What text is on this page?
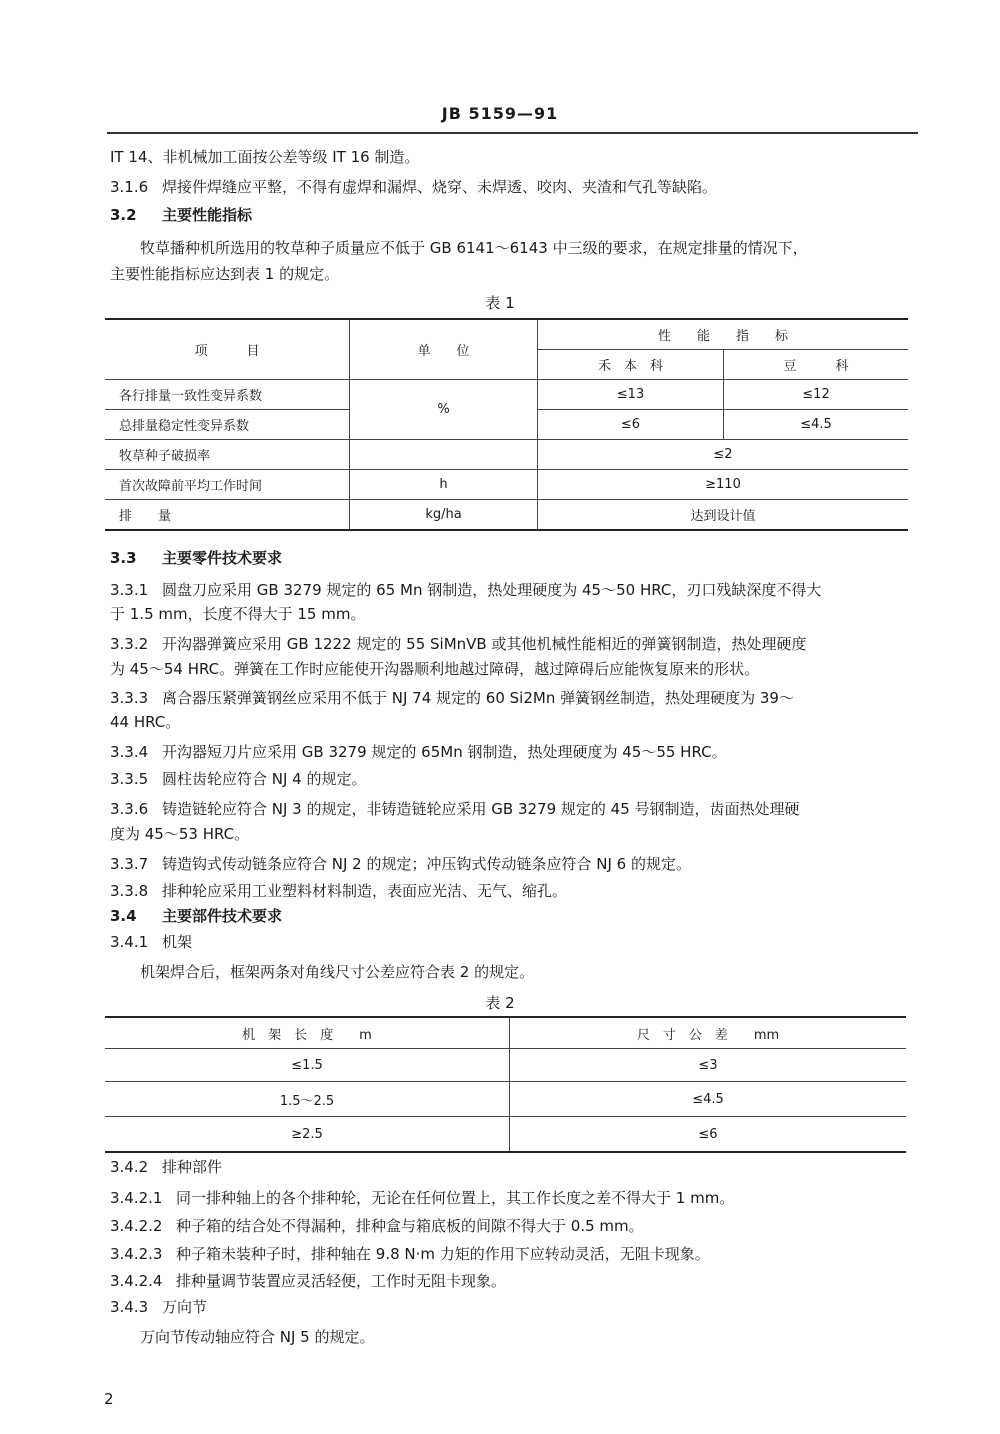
JB 5159—91
IT 14、非机械加工面按公差等级 IT 16 制造。
3.1.6 焊接件焊缝应平整，不得有虚焊和漏焊、烧穿、未焊透、咬肉、夹渣和气孔等缺陷。
3.2 主要性能指标
牧草播种机所选用的牧草种子质量应不低于 GB 6141～6143 中三级的要求，在规定排量的情况下，
主要性能指标应达到表 1 的规定。
表 1
项　　　目	单　　位	性　　能　　指　　标	
		禾　本　科	豆　　　科
各行排量一致性变异系数	%	≤13	≤12
总排量稳定性变异系数		≤6	≤4.5
牧草种子破损率		≤2	
首次故障前平均工作时间	h	≥110	
排　　量	kg/ha	达到设计值	
3.3 主要零件技术要求
3.3.1 圆盘刀应采用 GB 3279 规定的 65 Mn 钢制造，热处理硬度为 45～50 HRC，刃口残缺深度不得大
于 1.5 mm，长度不得大于 15 mm。
3.3.2 开沟器弹簧应采用 GB 1222 规定的 55 SiMnVB 或其他机械性能相近的弹簧钢制造，热处理硬度
为 45～54 HRC。弹簧在工作时应能使开沟器顺利地越过障碍，越过障碍后应能恢复原来的形状。
3.3.3 离合器压紧弹簧钢丝应采用不低于 NJ 74 规定的 60 Si2Mn 弹簧钢丝制造，热处理硬度为 39～
44 HRC。
3.3.4 开沟器短刀片应采用 GB 3279 规定的 65Mn 钢制造，热处理硬度为 45～55 HRC。
3.3.5 圆柱齿轮应符合 NJ 4 的规定。
3.3.6 铸造链轮应符合 NJ 3 的规定，非铸造链轮应采用 GB 3279 规定的 45 号钢制造，齿面热处理硬
度为 45～53 HRC。
3.3.7 铸造钩式传动链条应符合 NJ 2 的规定；冲压钩式传动链条应符合 NJ 6 的规定。
3.3.8 排种轮应采用工业塑料材料制造，表面应光洁、无气、缩孔。
3.4 主要部件技术要求
3.4.1 机架
机架焊合后，框架两条对角线尺寸公差应符合表 2 的规定。
表 2
机　架　长　度　　m	尺　寸　公　差　　mm
≤1.5	≤3
1.5～2.5	≤4.5
≥2.5	≤6
3.4.2 排种部件
3.4.2.1 同一排种轴上的各个排种轮，无论在任何位置上，其工作长度之差不得大于 1 mm。
3.4.2.2 种子箱的结合处不得漏种，排种盒与箱底板的间隙不得大于 0.5 mm。
3.4.2.3 种子箱未装种子时，排种轴在 9.8 N·m 力矩的作用下应转动灵活，无阻卡现象。
3.4.2.4 排种量调节装置应灵活轻便，工作时无阻卡现象。
3.4.3 万向节
万向节传动轴应符合 NJ 5 的规定。
2
